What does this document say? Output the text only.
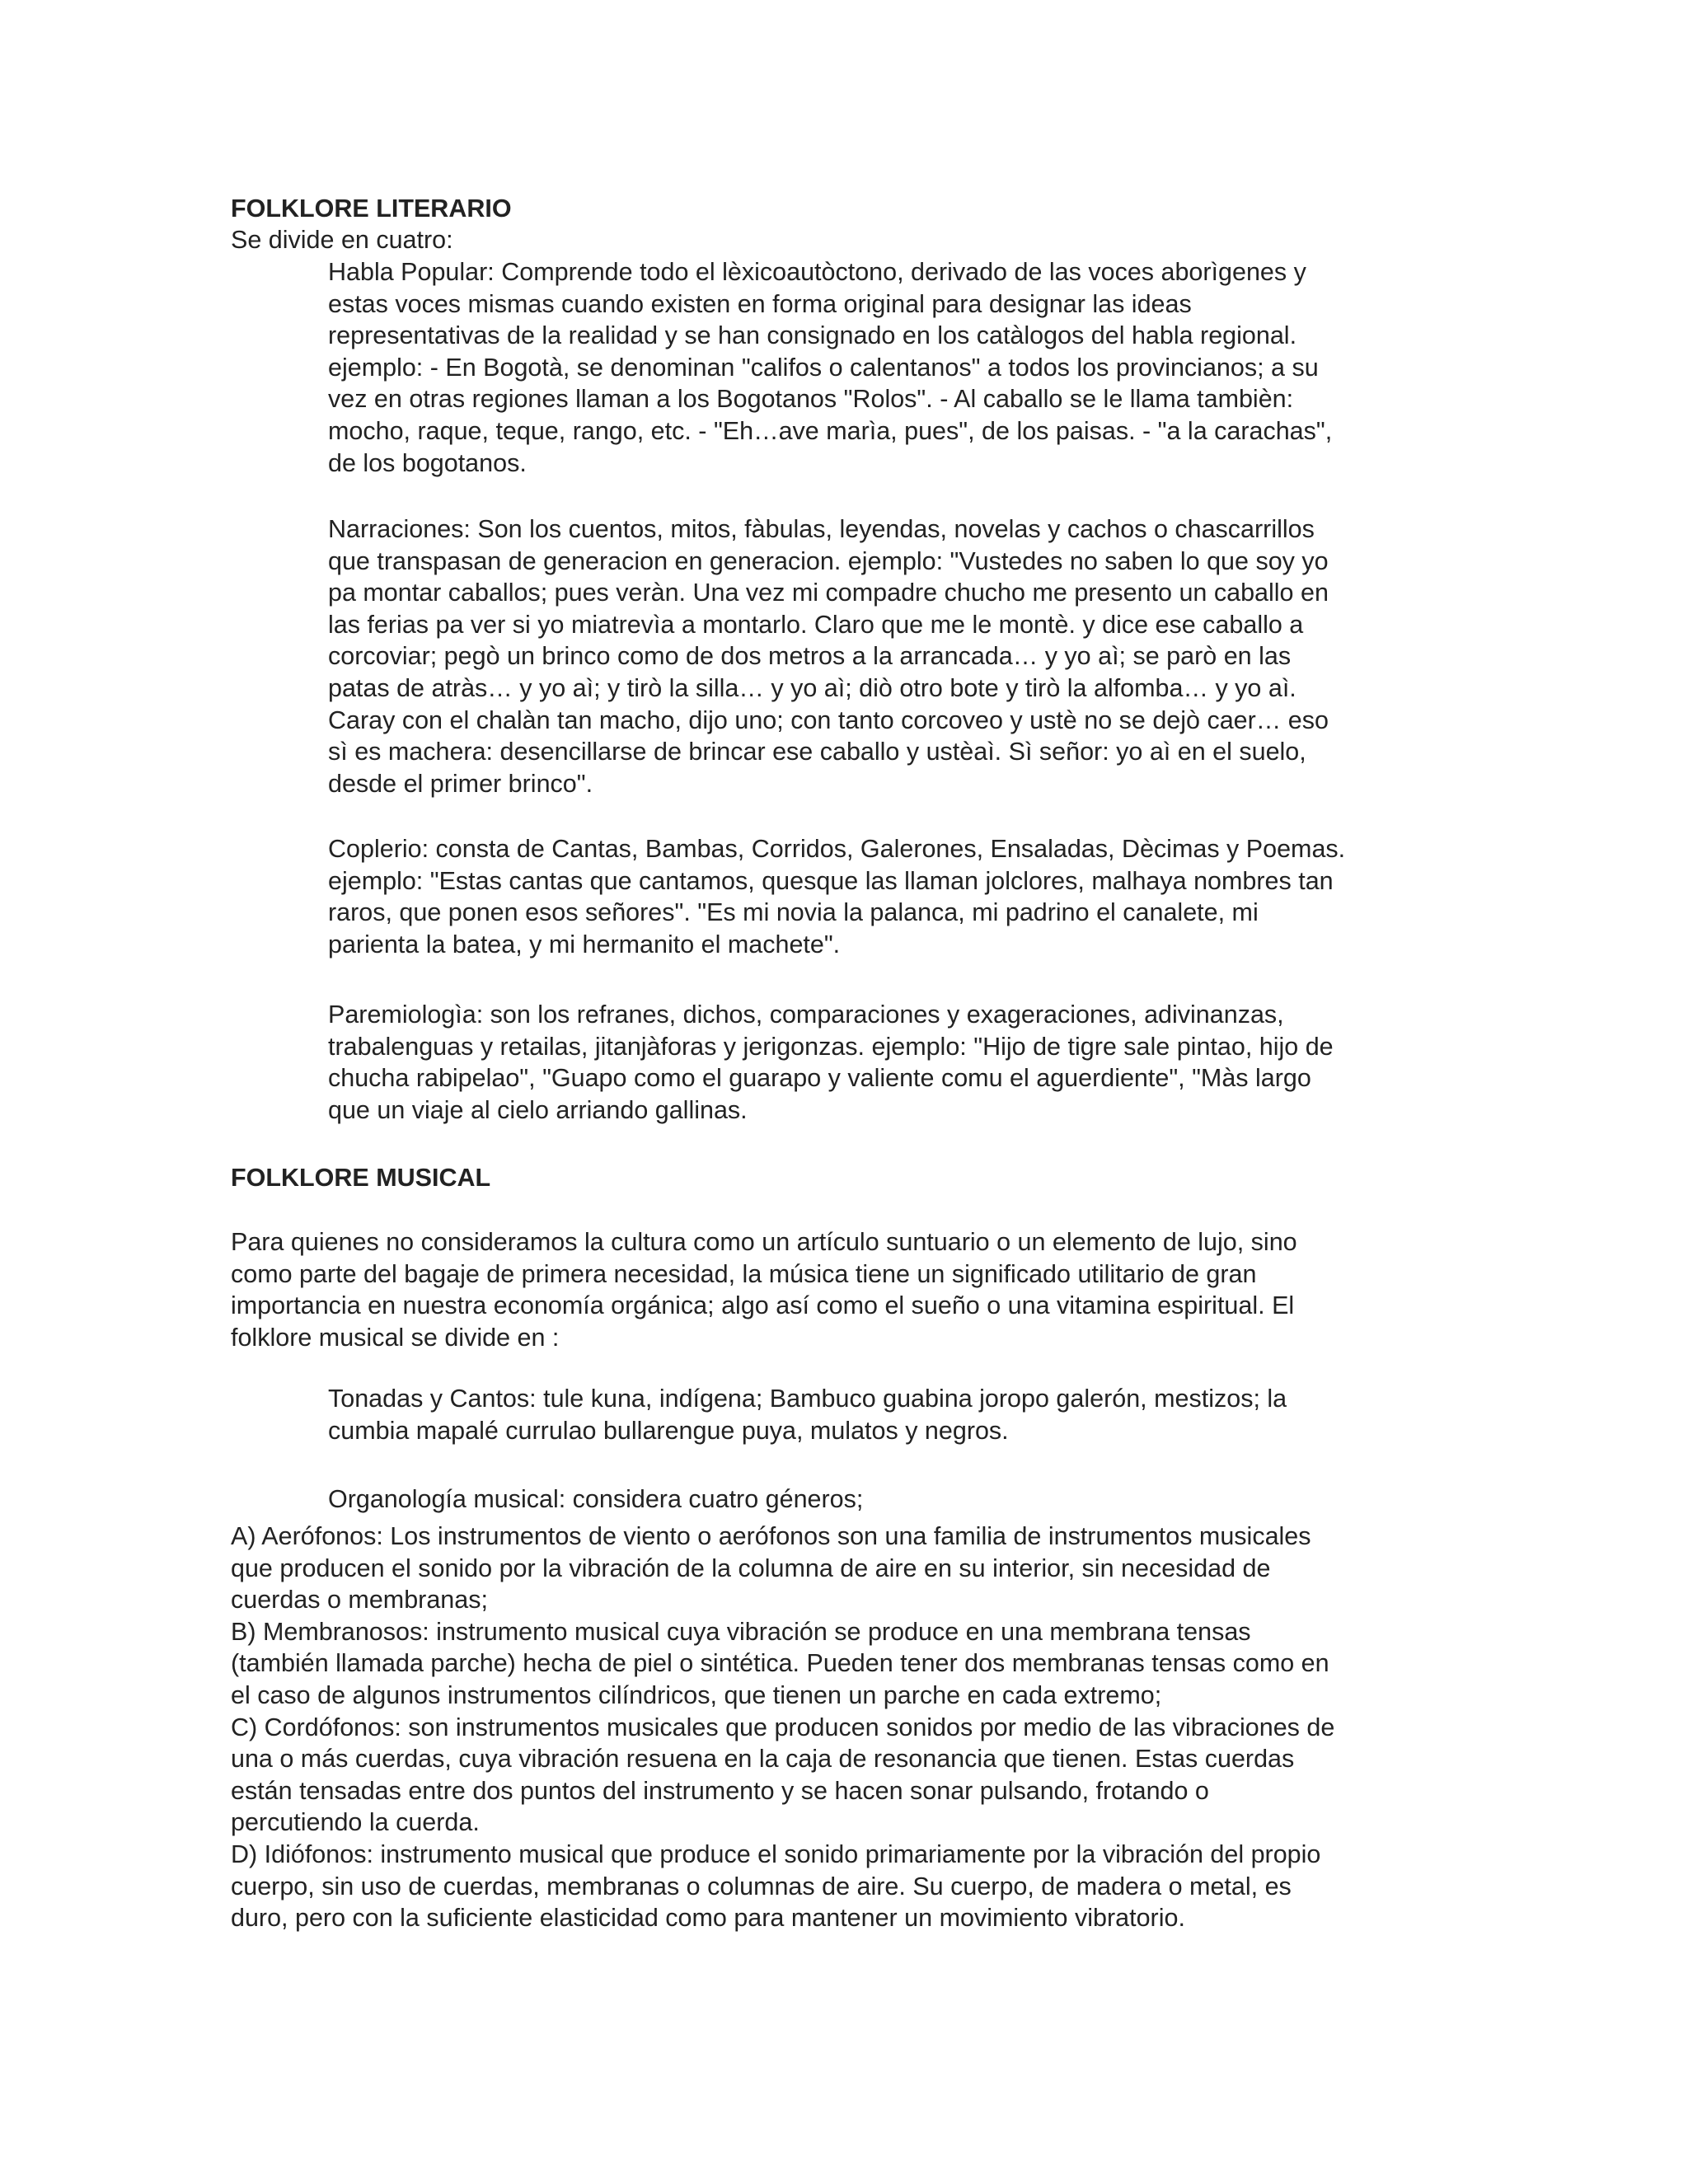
FOLKLORE LITERARIO

Se divide en cuatro:

Habla Popular: Comprende todo el lèxicoautòctono, derivado de las voces aborìgenes y
estas voces mismas cuando existen en forma original para designar las ideas
representativas de la realidad y se han consignado en los catàlogos del habla regional.
ejemplo: - En Bogotà, se denominan "califos o calentanos" a todos los provincianos; a su
vez en otras regiones llaman a los Bogotanos "Rolos". - Al caballo se le llama tambièn:
mocho, raque, teque, rango, etc. - "Eh…ave marìa, pues", de los paisas. - "a la carachas",
de los bogotanos.

Narraciones: Son los cuentos, mitos, fàbulas, leyendas, novelas y cachos o chascarrillos
que transpasan de generacion en generacion. ejemplo: "Vustedes no saben lo que soy yo
pa montar caballos; pues veràn. Una vez mi compadre chucho me presento un caballo en
las ferias pa ver si yo miatrevìa a montarlo. Claro que me le montè. y dice ese caballo a
corcoviar; pegò un brinco como de dos metros a la arrancada… y yo aì; se parò en las
patas de atràs… y yo aì; y tirò la silla… y yo aì; diò otro bote y tirò la alfomba… y yo aì.
Caray con el chalàn tan macho, dijo uno; con tanto corcoveo y ustè no se dejò caer… eso
sì es machera: desencillarse de brincar ese caballo y ustèaì. Sì señor: yo aì en el suelo,
desde el primer brinco".

Coplerio: consta de Cantas, Bambas, Corridos, Galerones, Ensaladas, Dècimas y Poemas.
ejemplo: "Estas cantas que cantamos, quesque las llaman jolclores, malhaya nombres tan
raros, que ponen esos señores". "Es mi novia la palanca, mi padrino el canalete, mi
parienta la batea, y mi hermanito el machete".

Paremiologìa: son los refranes, dichos, comparaciones y exageraciones, adivinanzas,
trabalenguas y retailas, jitanjàforas y jerigonzas. ejemplo: "Hijo de tigre sale pintao, hijo de
chucha rabipelao", "Guapo como el guarapo y valiente comu el aguerdiente", "Màs largo
que un viaje al cielo arriando gallinas.

FOLKLORE MUSICAL

Para quienes no consideramos la cultura como un artículo suntuario o un elemento de lujo, sino
como parte del bagaje de primera necesidad, la música tiene un significado utilitario de gran
importancia en nuestra economía orgánica; algo así como el sueño o una vitamina espiritual. El
folklore musical se divide en :

Tonadas y Cantos: tule kuna, indígena; Bambuco guabina joropo galerón, mestizos; la
cumbia mapalé currulao bullarengue puya, mulatos y negros.

Organología musical: considera cuatro géneros;

A) Aerófonos: Los instrumentos de viento o aerófonos son una familia de instrumentos musicales
que producen el sonido por la vibración de la columna de aire en su interior, sin necesidad de
cuerdas o membranas;
B) Membranosos: instrumento musical cuya vibración se produce en una membrana tensas
(también llamada parche) hecha de piel o sintética. Pueden tener dos membranas tensas como en
el caso de algunos instrumentos cilíndricos, que tienen un parche en cada extremo;
C) Cordófonos: son instrumentos musicales que producen sonidos por medio de las vibraciones de
una o más cuerdas, cuya vibración resuena en la caja de resonancia que tienen. Estas cuerdas
están tensadas entre dos puntos del instrumento y se hacen sonar pulsando, frotando o
percutiendo la cuerda.
D) Idiófonos: instrumento musical que produce el sonido primariamente por la vibración del propio
cuerpo, sin uso de cuerdas, membranas o columnas de aire. Su cuerpo, de madera o metal, es
duro, pero con la suficiente elasticidad como para mantener un movimiento vibratorio.
